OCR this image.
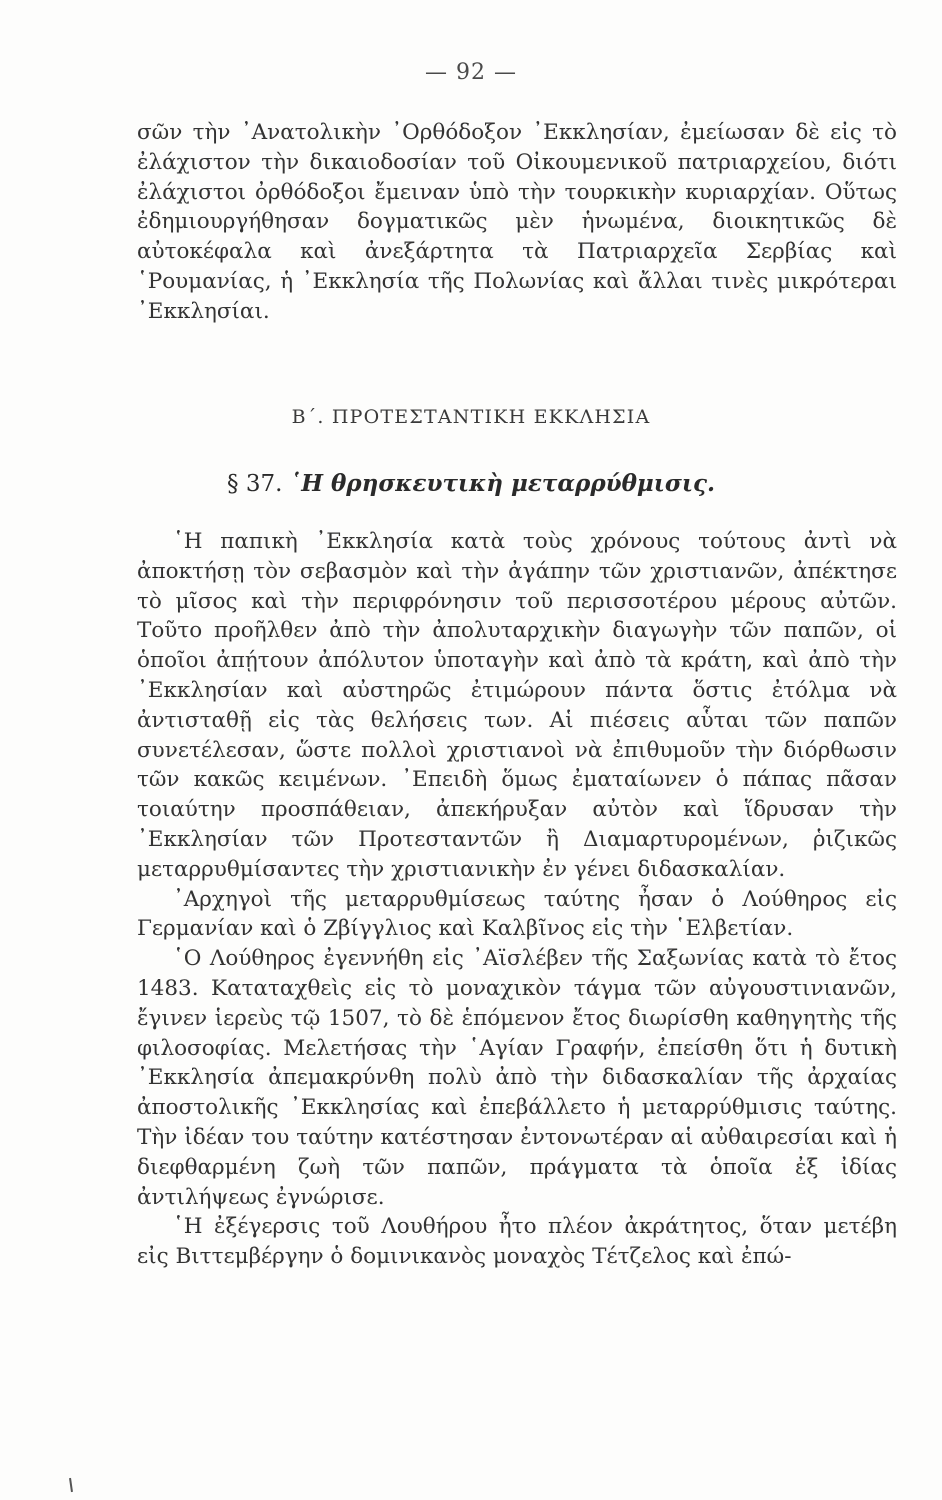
— 92 —

σῶν τὴν ᾿Ανατολικὴν ᾿Ορθόδοξον ᾿Εκκλησίαν, ἐμείωσαν δὲ εἰς τὸ ἐλάχιστον τὴν δικαιοδοσίαν τοῦ Οἰκουμενικοῦ πατριαρχείου, διότι ἐλάχιστοι ὀρθόδοξοι ἔμειναν ὑπὸ τὴν τουρκικὴν κυριαρχίαν. Οὕτως ἐδημιουργήθησαν δογματικῶς μὲν ἡνωμένα, διοικητικῶς δὲ αὐτοκέφαλα καὶ ἀνεξάρτητα τὰ Πατριαρχεῖα Σερβίας καὶ ῾Ρουμανίας, ἡ ᾿Εκκλησία τῆς Πολωνίας καὶ ἄλλαι τινὲς μικρότεραι ᾿Εκκλησίαι.

Β΄. ΠΡΟΤΕΣΤΑΝΤΙΚΗ ΕΚΚΛΗΣΙΑ
§ 37. ῾Η θρησκευτικὴ μεταρρύθμισις.

῾Η παπικὴ ᾿Εκκλησία κατὰ τοὺς χρόνους τούτους ἀντὶ νὰ ἀποκτήσῃ τὸν σεβασμὸν καὶ τὴν ἀγάπην τῶν χριστιανῶν, ἀπέκτησε τὸ μῖσος καὶ τὴν περιφρόνησιν τοῦ περισσοτέρου μέρους αὐτῶν. Τοῦτο προῆλθεν ἀπὸ τὴν ἀπολυταρχικὴν διαγωγὴν τῶν παπῶν, οἱ ὁποῖοι ἀπῄτουν ἀπόλυτον ὑποταγὴν καὶ ἀπὸ τὰ κράτη, καὶ ἀπὸ τὴν ᾿Εκκλησίαν καὶ αὐστηρῶς ἐτιμώρουν πάντα ὅστις ἐτόλμα νὰ ἀντισταθῇ εἰς τὰς θελήσεις των. Αἱ πιέσεις αὗται τῶν παπῶν συνετέλεσαν, ὥστε πολλοὶ χριστιανοὶ νὰ ἐπιθυμοῦν τὴν διόρθωσιν τῶν κακῶς κειμένων. ᾿Επειδὴ ὅμως ἐματαίωνεν ὁ πάπας πᾶσαν τοιαύτην προσπάθειαν, ἀπεκήρυξαν αὐτὸν καὶ ἵδρυσαν τὴν ᾿Εκκλησίαν τῶν Προτεσταντῶν ἢ Διαμαρτυρομένων, ῥιζικῶς μεταρρυθμίσαντες τὴν χριστιανικὴν ἐν γένει διδασκαλίαν.

᾿Αρχηγοὶ τῆς μεταρρυθμίσεως ταύτης ἦσαν ὁ Λούθηρος εἰς Γερμανίαν καὶ ὁ Ζβίγγλιος καὶ Καλβῖνος εἰς τὴν ῾Ελβετίαν.

῾Ο Λούθηρος ἐγεννήθη εἰς ᾿Αϊσλέβεν τῆς Σαξωνίας κατὰ τὸ ἔτος 1483. Καταταχθεὶς εἰς τὸ μοναχικὸν τάγμα τῶν αὐγουστινιανῶν, ἔγινεν ἱερεὺς τῷ 1507, τὸ δὲ ἑπόμενον ἔτος διωρίσθη καθηγητὴς τῆς φιλοσοφίας. Μελετήσας τὴν ῾Αγίαν Γραφήν, ἐπείσθη ὅτι ἡ δυτικὴ ᾿Εκκλησία ἀπεμακρύνθη πολὺ ἀπὸ τὴν διδασκαλίαν τῆς ἀρχαίας ἀποστολικῆς ᾿Εκκλησίας καὶ ἐπεβάλλετο ἡ μεταρρύθμισις ταύτης. Τὴν ἰδέαν του ταύτην κατέστησαν ἐντονωτέραν αἱ αὐθαιρεσίαι καὶ ἡ διεφθαρμένη ζωὴ τῶν παπῶν, πράγματα τὰ ὁποῖα ἐξ ἰδίας ἀντιλήψεως ἐγνώρισε.

῾Η ἐξέγερσις τοῦ Λουθήρου ἦτο πλέον ἀκράτητος, ὅταν μετέβη εἰς Βιττεμβέργην ὁ δομινικανὸς μοναχὸς Τέτζελος καὶ ἐπώ-
